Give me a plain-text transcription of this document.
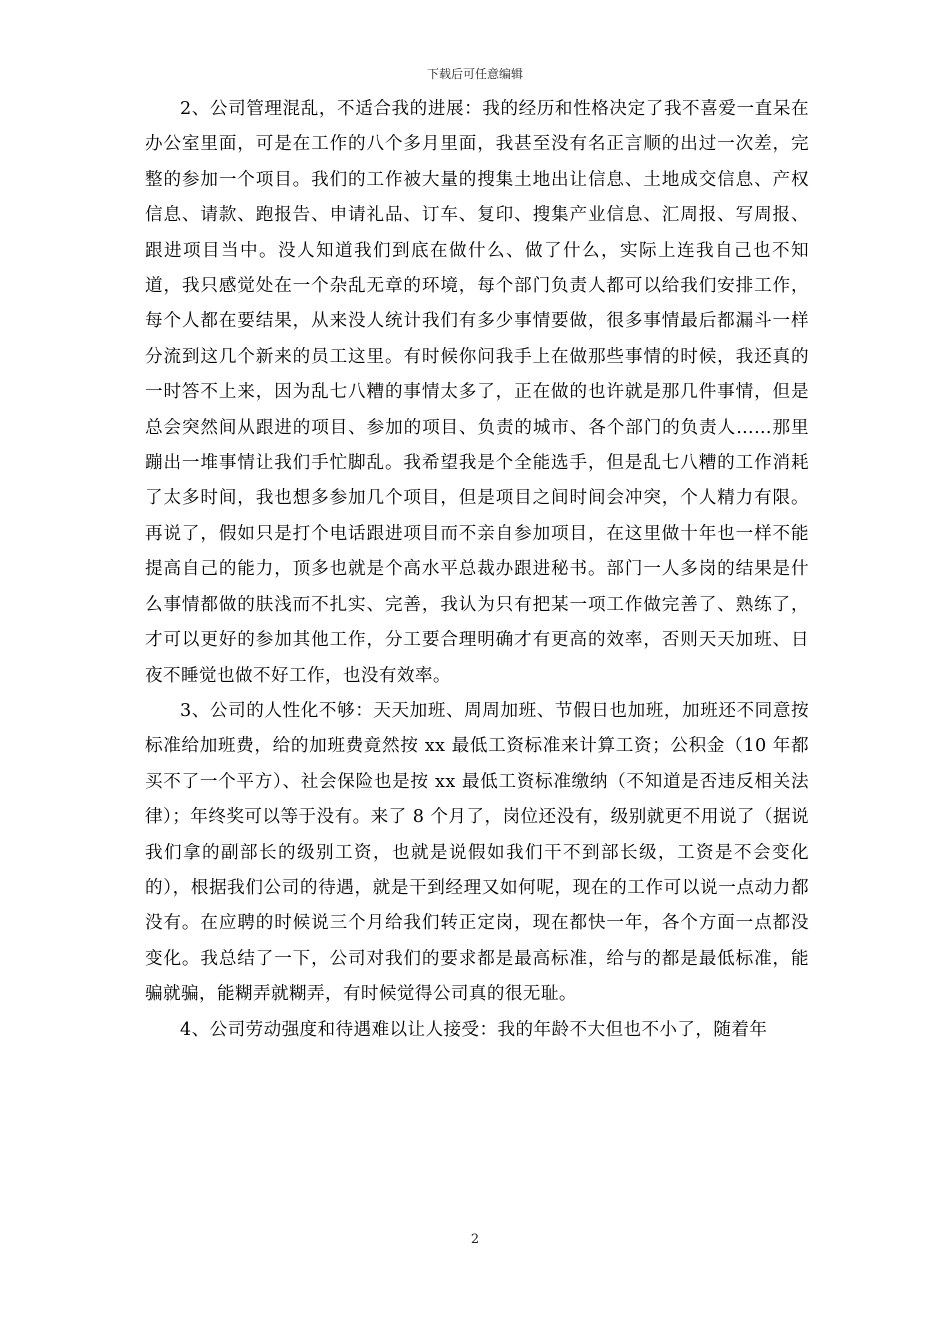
下载后可任意编辑

2、公司管理混乱，不适合我的进展：我的经历和性格决定了我不喜爱一直呆在办公室里面，可是在工作的八个多月里面，我甚至没有名正言顺的出过一次差，完整的参加一个项目。我们的工作被大量的搜集土地出让信息、土地成交信息、产权信息、请款、跑报告、申请礼品、订车、复印、搜集产业信息、汇周报、写周报、跟进项目当中。没人知道我们到底在做什么、做了什么，实际上连我自己也不知道，我只感觉处在一个杂乱无章的环境，每个部门负责人都可以给我们安排工作，每个人都在要结果，从来没人统计我们有多少事情要做，很多事情最后都漏斗一样分流到这几个新来的员工这里。有时候你问我手上在做那些事情的时候，我还真的一时答不上来，因为乱七八糟的事情太多了，正在做的也许就是那几件事情，但是总会突然间从跟进的项目、参加的项目、负责的城市、各个部门的负责人……那里蹦出一堆事情让我们手忙脚乱。我希望我是个全能选手，但是乱七八糟的工作消耗了太多时间，我也想多参加几个项目，但是项目之间时间会冲突，个人精力有限。再说了，假如只是打个电话跟进项目而不亲自参加项目，在这里做十年也一样不能提高自己的能力，顶多也就是个高水平总裁办跟进秘书。部门一人多岗的结果是什么事情都做的肤浅而不扎实、完善，我认为只有把某一项工作做完善了、熟练了，才可以更好的参加其他工作，分工要合理明确才有更高的效率，否则天天加班、日夜不睡觉也做不好工作，也没有效率。

3、公司的人性化不够：天天加班、周周加班、节假日也加班，加班还不同意按标准给加班费，给的加班费竟然按 xx 最低工资标准来计算工资；公积金（10 年都买不了一个平方）、社会保险也是按 xx 最低工资标准缴纳（不知道是否违反相关法律）；年终奖可以等于没有。来了 8 个月了，岗位还没有，级别就更不用说了（据说我们拿的副部长的级别工资，也就是说假如我们干不到部长级，工资是不会变化的），根据我们公司的待遇，就是干到经理又如何呢，现在的工作可以说一点动力都没有。在应聘的时候说三个月给我们转正定岗，现在都快一年，各个方面一点都没变化。我总结了一下，公司对我们的要求都是最高标准，给与的都是最低标准，能骗就骗，能糊弄就糊弄，有时候觉得公司真的很无耻。

4、公司劳动强度和待遇难以让人接受：我的年龄不大但也不小了，随着年

2
